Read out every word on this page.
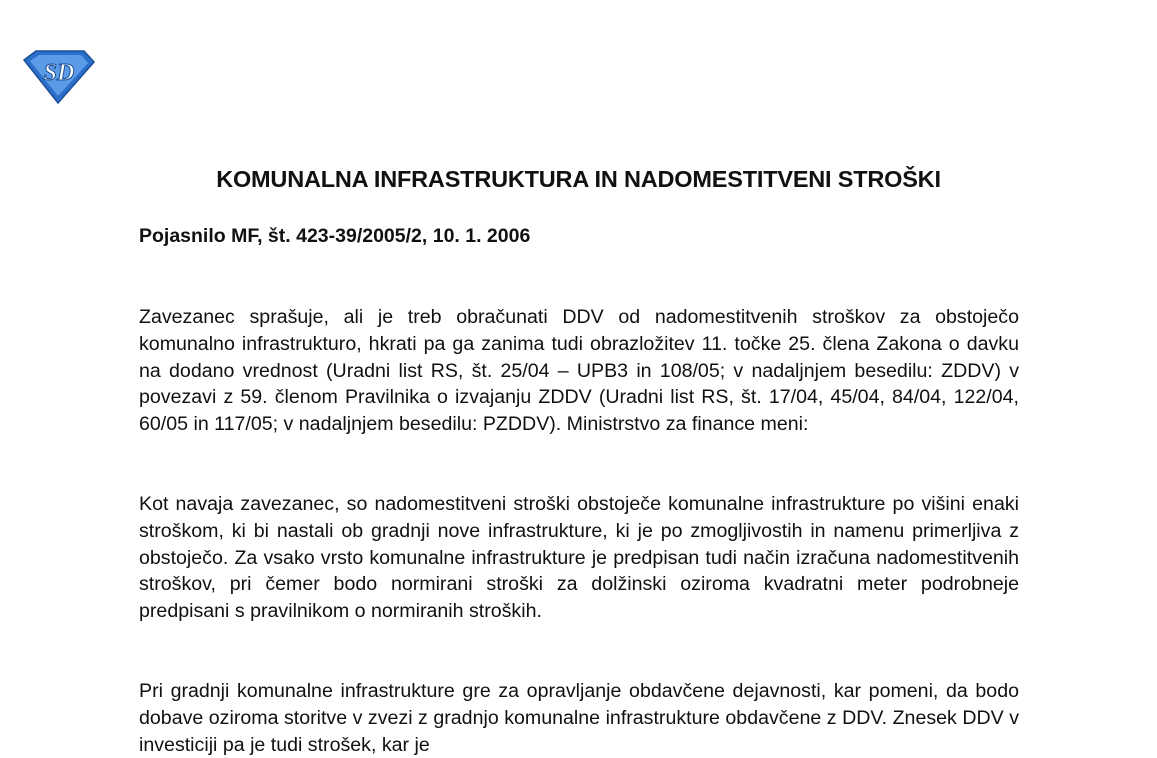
SD
KOMUNALNA INFRASTRUKTURA IN NADOMESTITVENI STROŠKI

Pojasnilo MF, št. 423-39/2005/2, 10. 1. 2006

Zavezanec sprašuje, ali je treb obračunati DDV od nadomestitvenih stroškov za obstoječo komunalno infrastrukturo, hkrati pa ga zanima tudi obrazložitev 11. točke 25. člena Zakona o davku na dodano vrednost (Uradni list RS, št. 25/04 – UPB3 in 108/05; v nadaljnjem besedilu: ZDDV) v povezavi z 59. členom Pravilnika o izvajanju ZDDV (Uradni list RS, št. 17/04, 45/04, 84/04, 122/04, 60/05 in 117/05; v nadaljnjem besedilu: PZDDV). Ministrstvo za finance meni:

Kot navaja zavezanec, so nadomestitveni stroški obstoječe komunalne infrastrukture po višini enaki stroškom, ki bi nastali ob gradnji nove infrastrukture, ki je po zmogljivostih in namenu primerljiva z obstoječo. Za vsako vrsto komunalne infrastrukture je predpisan tudi način izračuna nadomestitvenih stroškov, pri čemer bodo normirani stroški za dolžinski oziroma kvadratni meter podrobneje predpisani s pravilnikom o normiranih stroških.

Pri gradnji komunalne infrastrukture gre za opravljanje obdavčene dejavnosti, kar pomeni, da bodo dobave oziroma storitve v zvezi z gradnjo komunalne infrastrukture obdavčene z DDV. Znesek DDV v investiciji pa je tudi strošek, kar je
